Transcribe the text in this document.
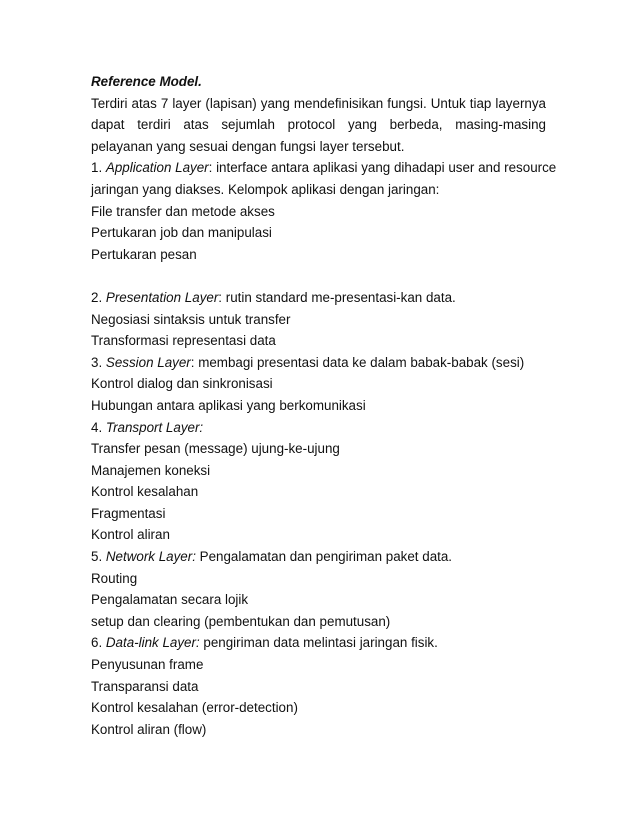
Reference Model.
Terdiri atas 7 layer (lapisan) yang mendefinisikan fungsi. Untuk tiap layernya
dapat terdiri atas sejumlah protocol yang berbeda, masing-masing
pelayanan yang sesuai dengan fungsi layer tersebut.
1. Application Layer: interface antara aplikasi yang dihadapi user and resource
jaringan yang diakses. Kelompok aplikasi dengan jaringan:
File transfer dan metode akses
Pertukaran job dan manipulasi
Pertukaran pesan
2. Presentation Layer: rutin standard me-presentasi-kan data.
Negosiasi sintaksis untuk transfer
Transformasi representasi data
3. Session Layer: membagi presentasi data ke dalam babak-babak (sesi)
Kontrol dialog dan sinkronisasi
Hubungan antara aplikasi yang berkomunikasi
4. Transport Layer:
Transfer pesan (message) ujung-ke-ujung
Manajemen koneksi
Kontrol kesalahan
Fragmentasi
Kontrol aliran
5. Network Layer: Pengalamatan dan pengiriman paket data.
Routing
Pengalamatan secara lojik
setup dan clearing (pembentukan dan pemutusan)
6. Data-link Layer: pengiriman data melintasi jaringan fisik.
Penyusunan frame
Transparansi data
Kontrol kesalahan (error-detection)
Kontrol aliran (flow)
